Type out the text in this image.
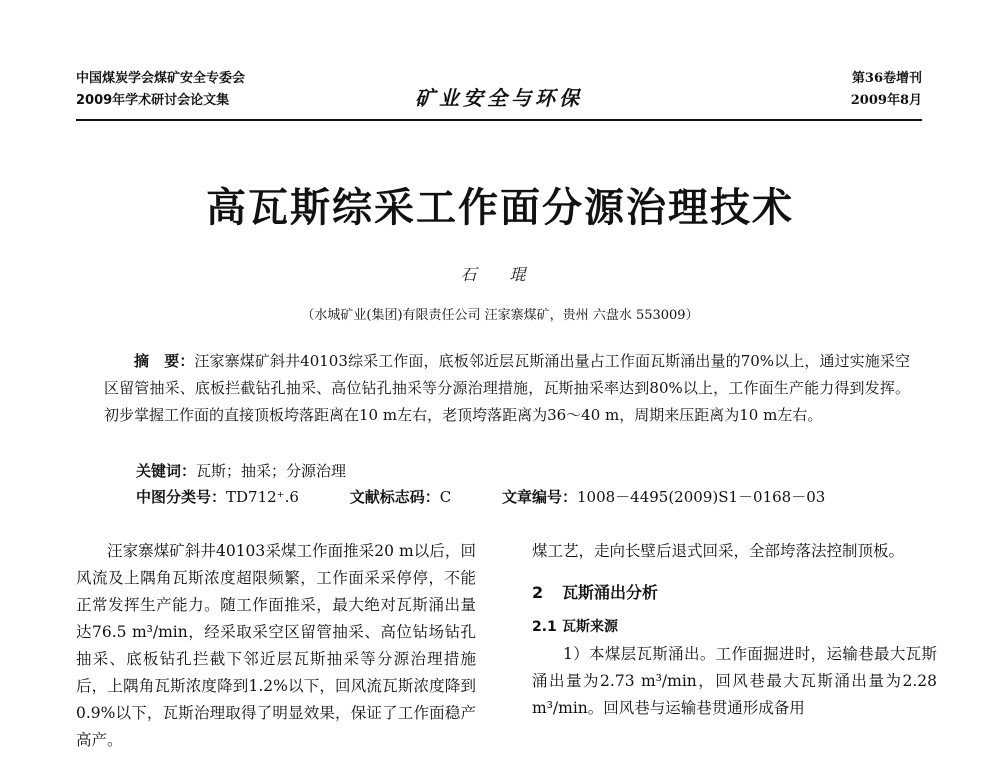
中国煤炭学会煤矿安全专委会
2009年学术研讨会论文集	矿业安全与环保
第36卷增刊
2009年8月
高瓦斯综采工作面分源治理技术
石 琨
（水城矿业(集团)有限责任公司 汪家寨煤矿，贵州 六盘水 553009）
摘　要：汪家寨煤矿斜井40103综采工作面，底板邻近层瓦斯涌出量占工作面瓦斯涌出量的70%以上，通过实施采空区留管抽采、底板拦截钻孔抽采、高位钻孔抽采等分源治理措施，瓦斯抽采率达到80%以上，工作面生产能力得到发挥。初步掌握工作面的直接顶板垮落距离在10 m左右，老顶垮落距离为36～40 m，周期来压距离为10 m左右。
关键词：瓦斯；抽采；分源治理
中图分类号：TD712⁺.6	文献标志码：C	文章编号：1008－4495(2009)S1－0168－03
汪家寨煤矿斜井40103采煤工作面推采20 m以后，回风流及上隅角瓦斯浓度超限频繁，工作面采采停停，不能正常发挥生产能力。随工作面推采，最大绝对瓦斯涌出量达76.5 m³/min，经采取采空区留管抽采、高位钻场钻孔抽采、底板钻孔拦截下邻近层瓦斯抽采等分源治理措施后，上隅角瓦斯浓度降到1.2%以下，回风流瓦斯浓度降到0.9%以下，瓦斯治理取得了明显效果，保证了工作面稳产高产。
煤工艺，走向长壁后退式回采，全部垮落法控制顶板。
2 瓦斯涌出分析
2.1 瓦斯来源
1）本煤层瓦斯涌出。工作面掘进时，运输巷最大瓦斯涌出量为2.73 m³/min，回风巷最大瓦斯涌出量为2.28 m³/min。回风巷与运输巷贯通形成备用
